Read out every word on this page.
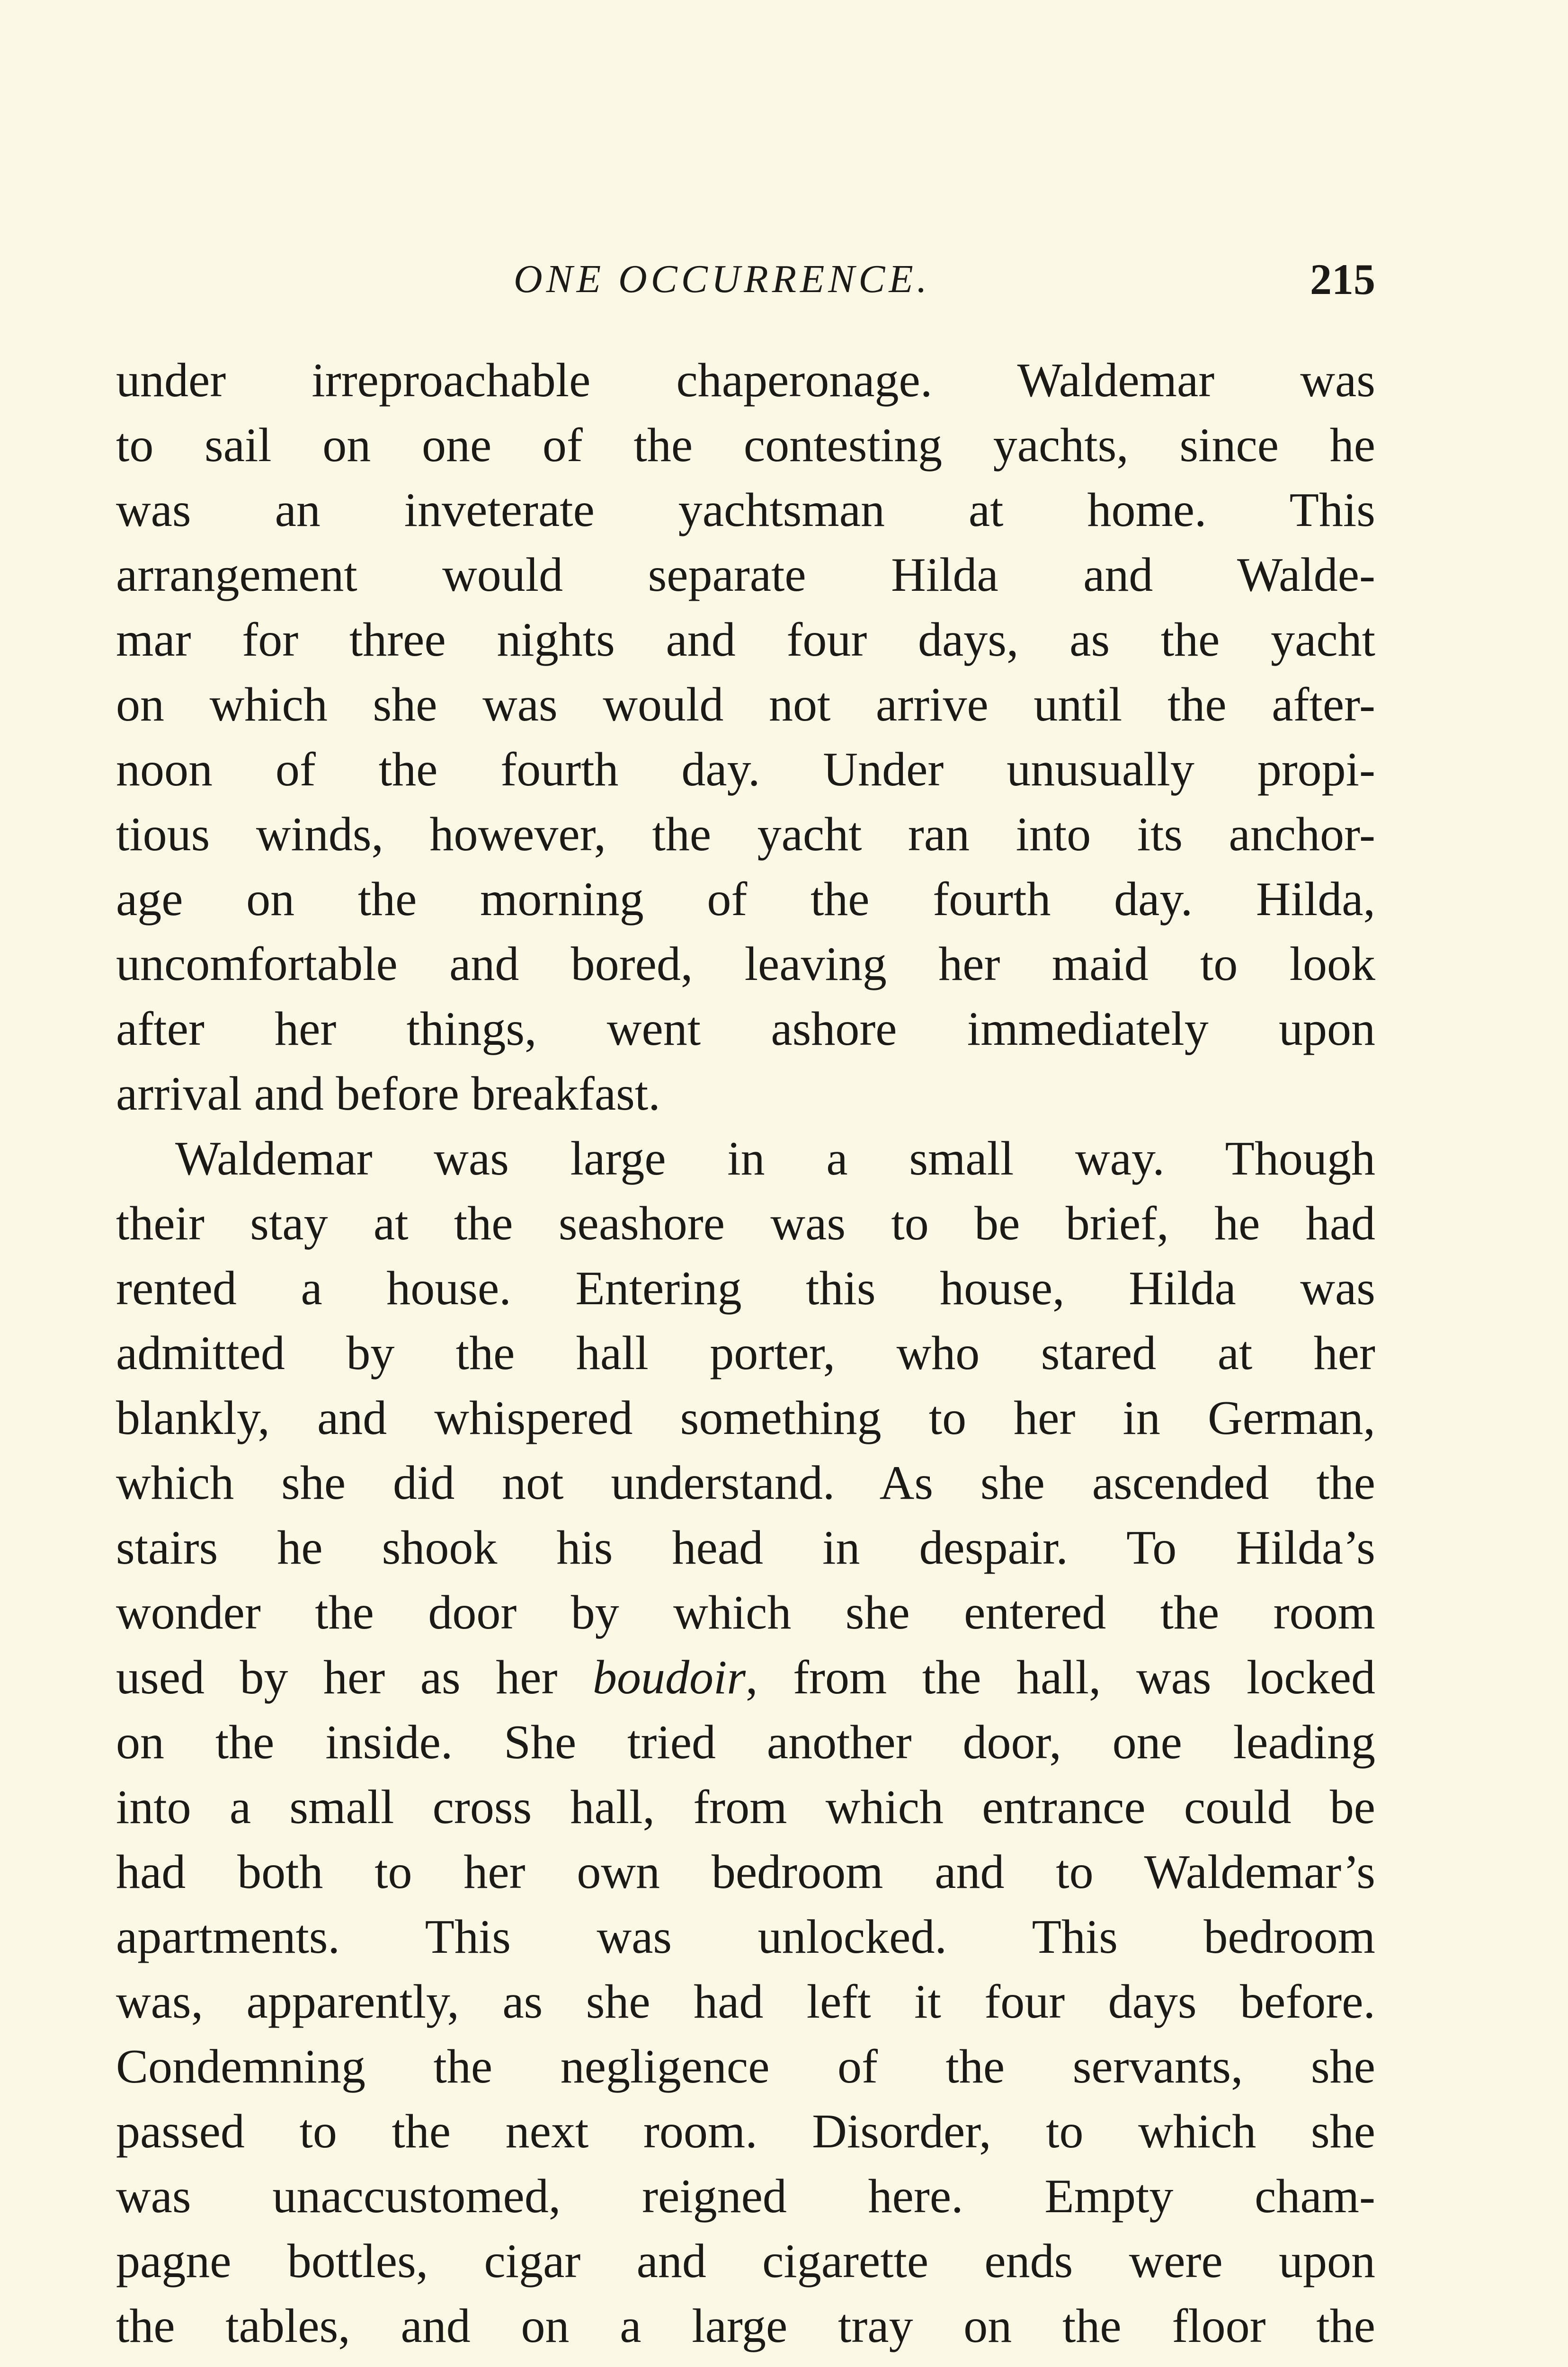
ONE OCCURRENCE.	215
under irreproachable chaperonage. Waldemar was
to sail on one of the contesting yachts, since he
was an inveterate yachtsman at home. This
arrangement would separate Hilda and Walde-
mar for three nights and four days, as the yacht
on which she was would not arrive until the after-
noon of the fourth day. Under unusually propi-
tious winds, however, the yacht ran into its anchor-
age on the morning of the fourth day. Hilda,
uncomfortable and bored, leaving her maid to look
after her things, went ashore immediately upon
arrival and before breakfast.
Waldemar was large in a small way. Though
their stay at the seashore was to be brief, he had
rented a house. Entering this house, Hilda was
admitted by the hall porter, who stared at her
blankly, and whispered something to her in German,
which she did not understand. As she ascended the
stairs he shook his head in despair. To Hilda’s
wonder the door by which she entered the room
used by her as her boudoir, from the hall, was locked
on the inside. She tried another door, one leading
into a small cross hall, from which entrance could be
had both to her own bedroom and to Waldemar’s
apartments. This was unlocked. This bedroom
was, apparently, as she had left it four days before.
Condemning the negligence of the servants, she
passed to the next room. Disorder, to which she
was unaccustomed, reigned here. Empty cham-
pagne bottles, cigar and cigarette ends were upon
the tables, and on a large tray on the floor the
